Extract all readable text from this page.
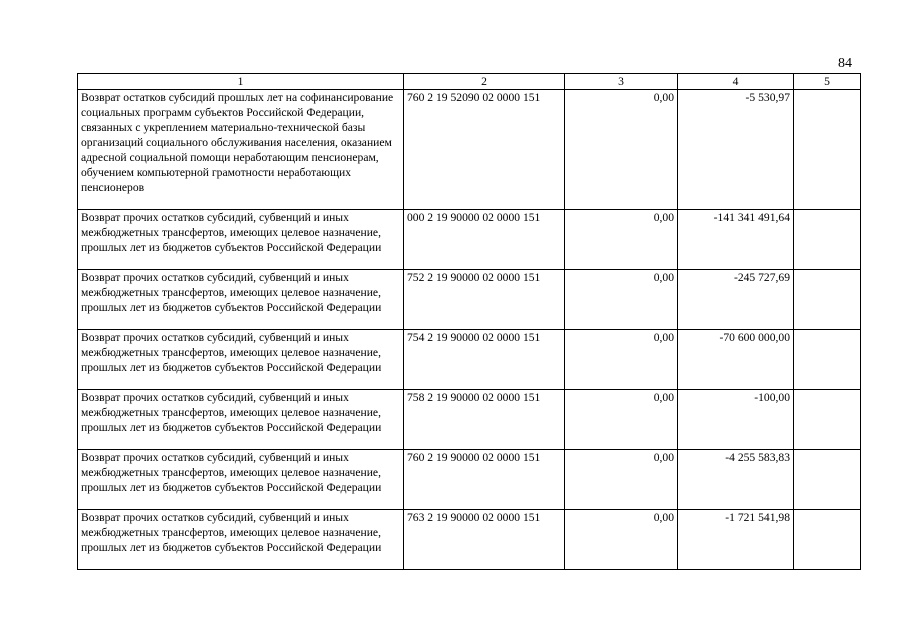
84
1	2	3	4	5
Возврат остатков субсидий прошлых лет на софинансирование социальных программ субъектов Российской Федерации, связанных с укреплением материально-технической базы организаций социального обслуживания населения, оказанием адресной социальной помощи неработающим пенсионерам, обучением компьютерной грамотности неработающих пенсионеров	760 2 19 52090 02 0000 151	0,00	-5 530,97	
Возврат прочих остатков субсидий, субвенций и иных межбюджетных трансфертов, имеющих целевое назначение, прошлых лет из бюджетов субъектов Российской Федерации	000 2 19 90000 02 0000 151	0,00	-141 341 491,64	
Возврат прочих остатков субсидий, субвенций и иных межбюджетных трансфертов, имеющих целевое назначение, прошлых лет из бюджетов субъектов Российской Федерации	752 2 19 90000 02 0000 151	0,00	-245 727,69	
Возврат прочих остатков субсидий, субвенций и иных межбюджетных трансфертов, имеющих целевое назначение, прошлых лет из бюджетов субъектов Российской Федерации	754 2 19 90000 02 0000 151	0,00	-70 600 000,00	
Возврат прочих остатков субсидий, субвенций и иных межбюджетных трансфертов, имеющих целевое назначение, прошлых лет из бюджетов субъектов Российской Федерации	758 2 19 90000 02 0000 151	0,00	-100,00	
Возврат прочих остатков субсидий, субвенций и иных межбюджетных трансфертов, имеющих целевое назначение, прошлых лет из бюджетов субъектов Российской Федерации	760 2 19 90000 02 0000 151	0,00	-4 255 583,83	
Возврат прочих остатков субсидий, субвенций и иных межбюджетных трансфертов, имеющих целевое назначение, прошлых лет из бюджетов субъектов Российской Федерации	763 2 19 90000 02 0000 151	0,00	-1 721 541,98	
